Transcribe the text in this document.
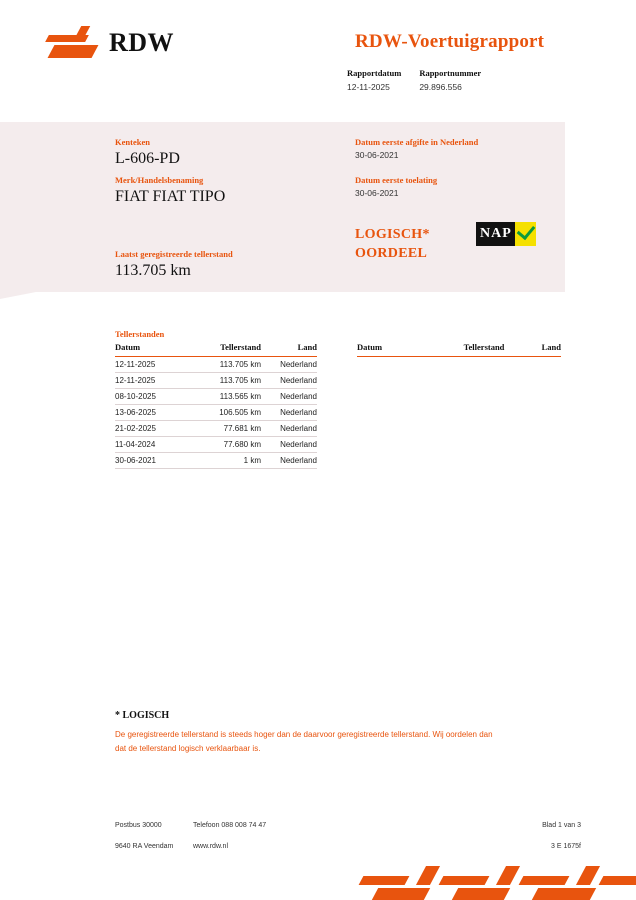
RDW	RDW-Voertuigrapport
Rapportdatum
12-11-2025
Rapportnummer
29.896.556
Kenteken
L-606-PD
Merk/Handelsbenaming
FIAT FIAT TIPO
Laatst geregistreerde tellerstand
113.705 km
Datum eerste afgifte in Nederland
30-06-2021
Datum eerste toelating
30-06-2021
LOGISCH*
OORDEEL
NAP
Tellerstanden
Datum	Tellerstand	Land
12-11-2025	113.705 km	Nederland
12-11-2025	113.705 km	Nederland
08-10-2025	113.565 km	Nederland
13-06-2025	106.505 km	Nederland
21-02-2025	77.681 km	Nederland
11-04-2024	77.680 km	Nederland
30-06-2021	1 km	Nederland
Datum	Tellerstand	Land
* LOGISCH
De geregistreerde tellerstand is steeds hoger dan de daarvoor geregistreerde tellerstand. Wij oordelen dan
dat de tellerstand logisch verklaarbaar is.
Postbus 30000	Telefoon 088 008 74 47	Blad 1 van 3
9640 RA Veendam	www.rdw.nl	3 E 1675f
